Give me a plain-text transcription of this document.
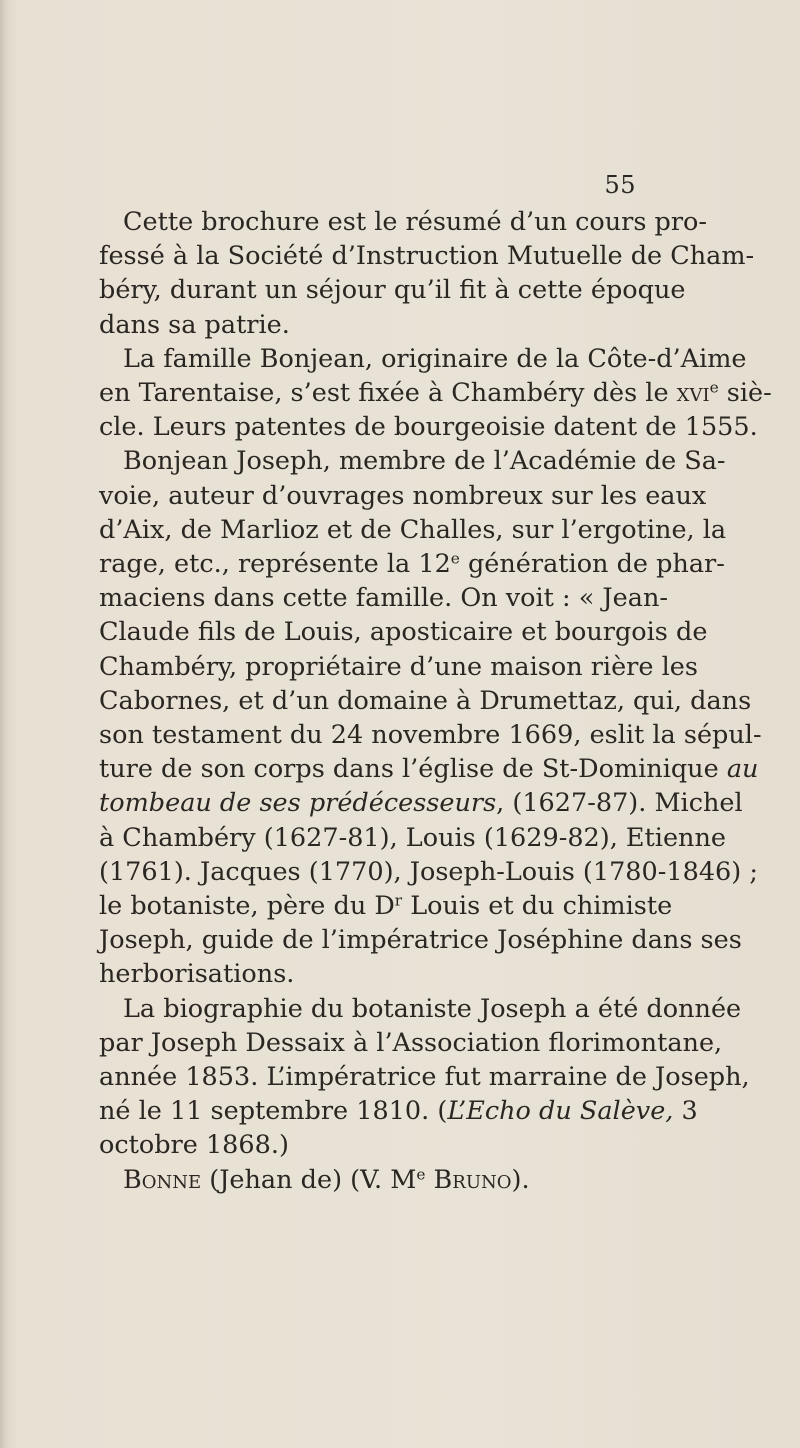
55
Cette brochure est le résumé d’un cours pro-
fessé à la Société d’Instruction Mutuelle de Cham-
béry, durant un séjour qu’il fit à cette époque
dans sa patrie.
La famille Bonjean, originaire de la Côte-d’Aime
en Tarentaise, s’est fixée à Chambéry dès le xvi$^e$ siè-
cle. Leurs patentes de bourgeoisie datent de 1555.
Bonjean Joseph, membre de l’Académie de Sa-
voie, auteur d’ouvrages nombreux sur les eaux
d’Aix, de Marlioz et de Challes, sur l’ergotine, la
rage, etc., représente la 12e génération de phar-
maciens dans cette famille. On voit : « Jean-
Claude fils de Louis, aposticaire et bourgois de
Chambéry, propriétaire d’une maison rière les
Cabornes, et d’un domaine à Drumettaz, qui, dans
son testament du 24 novembre 1669, eslit la sépul-
ture de son corps dans l’église de St-Dominique au
tombeau de ses prédécesseurs, (1627-87). Michel
à Chambéry (1627-81), Louis (1629-82), Etienne
(1761). Jacques (1770), Joseph-Louis (1780-1846) ;
le botaniste, père du $D^r$ Louis et du chimiste
Joseph, guide de l’impératrice Joséphine dans ses
herborisations.
La biographie du botaniste Joseph a été donnée
par Joseph Dessaix à l’Association florimontane,
année 1853. L’impératrice fut marraine de Joseph,
né le 11 septembre 1810. (L’Echo du Salève, 3
octobre 1868.)
Bonne (Jehan de) (V. Me Bruno).
